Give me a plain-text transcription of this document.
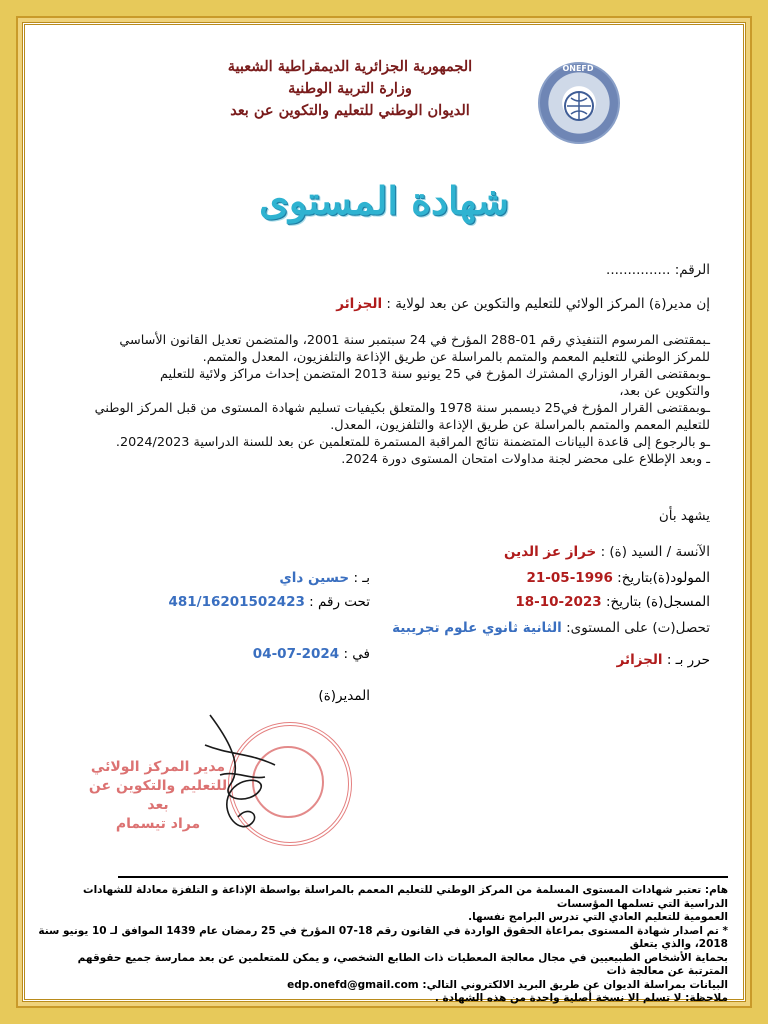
الجمهورية الجزائرية الديمقراطية الشعبية
وزارة التربية الوطنية
الديوان الوطني للتعليم والتكوين عن بعد
ONEFD
شهادة المستوى
الرقم: ...............
إن مدير(ة) المركز الولائي للتعليم والتكوين عن بعد لولاية : الجزائر
ـبمقتضى المرسوم التنفيذي رقم 01-288 المؤرخ في 24 سبتمبر سنة 2001، والمتضمن تعديل القانون الأساسي
للمركز الوطني للتعليم المعمم والمتمم بالمراسلة عن طريق الإذاعة والتلفزيون، المعدل والمتمم.
ـوبمقتضى القرار الوزاري المشترك المؤرخ في 25 يونيو سنة 2013 المتضمن إحداث مراكز ولائية للتعليم
والتكوين عن بعد،
ـوبمقتضى القرار المؤرخ في25 ديسمبر سنة 1978 والمتعلق بكيفيات تسليم شهادة المستوى من قبل المركز الوطني
للتعليم المعمم والمتمم بالمراسلة عن طريق الإذاعة والتلفزيون، المعدل.
ـو بالرجوع إلى قاعدة البيانات المتضمنة نتائج المراقبة المستمرة للمتعلمين عن بعد للسنة الدراسية 2024/2023.
ـ وبعد الإطلاع على محضر لجنة مداولات امتحان المستوى دورة 2024.
يشهد بأن
الآنسة / السيد (ة) : خراز عز الدين
المولود(ة)بتاريخ: 21-05-1996
بـ : حسين داي
المسجل(ة) بتاريخ: 18-10-2023
تحت رقم : 481/16201502423
تحصل(ت) على المستوى: الثانية ثانوي علوم تجريبية
حرر بـ : الجزائر
في : 04-07-2024
المدير(ة)
مدير المركز الولائي
للتعليم والتكوين عن بعد
مراد تيسمام
هام: تعتبر شهادات المستوى المسلمة من المركز الوطني للتعليم المعمم بالمراسلة بواسطة الإذاعة و التلفزة معادلة للشهادات الدراسية التي تسلمها المؤسسات
العمومية للتعليم العادي التي تدرس البرامج نفسها.
* تم اصدار شهادة المستوى بمراعاة الحقوق الواردة في القانون رقم 18-07 المؤرخ في 25 رمضان عام 1439 الموافق لـ 10 يونيو سنة 2018، والذي يتعلق
بحماية الأشخاص الطبيعيين في مجال معالجة المعطيات ذات الطابع الشخصي، و يمكن للمتعلمين عن بعد ممارسة جميع حقوقهم المترتبة عن معالجة ذات
البيانات بمراسلة الديوان عن طريق البريد الالكتروني التالي: edp.onefd@gmail.com
ملاحظة: لا تسلم الا نسخة أصلية واحدة من هذه الشهادة .
